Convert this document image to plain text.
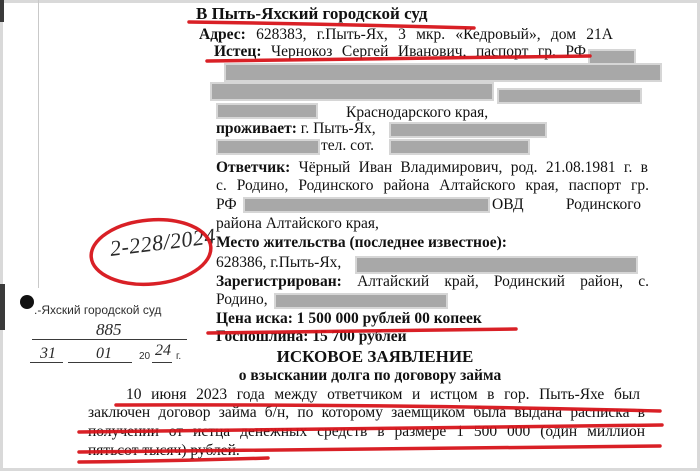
В Пыть-Яхский городской суд
Адрес: 628383, г.Пыть-Ях, 3 мкр. «Кедровый», дом 21А
Истец: Чернокоз Сергей Иванович, паспорт гр. РФ
Краснодарского края,
проживает: г. Пыть-Ях,
тел. сот.
Ответчик: Чёрный Иван Владимирович, род. 21.08.1981 г. в
с. Родино, Родинского района Алтайского края, паспорт гр.
РФ	ОВД Родинского
района Алтайского края,
Место жительства (последнее известное):
628386, г.Пыть-Ях,
Зарегистрирован: Алтайский край, Родинский район, с.
Родино,
Цена иска: 1 500 000 рублей 00 копеек
Госпошлина: 15 700 рублей
ИСКОВОЕ ЗАЯВЛЕНИЕ
о взыскании долга по договору займа
10 июня 2023 года между ответчиком и истцом в гор. Пыть-Яхе был
заключен договор займа б/н, по которому заемщиком была выдана расписка в
получении от истца денежных средств в размере 1 500 000 (один миллион
пятьсот тысяч) рублей.
2-228/2024
.-Яхский городской суд
885
31	01	20 24 г.
